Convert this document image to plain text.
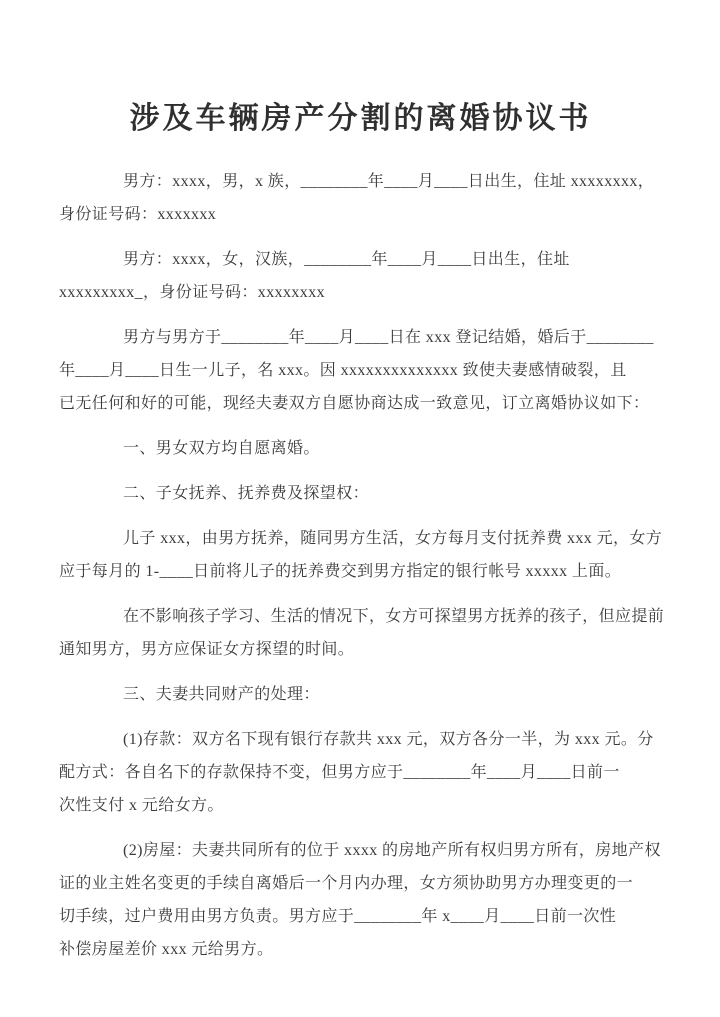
涉及车辆房产分割的离婚协议书
男方：xxxx，男，x 族，________年____月____日出生，住址 xxxxxxxx，
身份证号码：xxxxxxx
男方：xxxx，女，汉族，________年____月____日出生，住址
xxxxxxxxx_，身份证号码：xxxxxxxx
男方与男方于________年____月____日在 xxx 登记结婚，婚后于________
年____月____日生一儿子，名 xxx。因 xxxxxxxxxxxxxx 致使夫妻感情破裂，且
已无任何和好的可能，现经夫妻双方自愿协商达成一致意见，订立离婚协议如下：
一、男女双方均自愿离婚。
二、子女抚养、抚养费及探望权：
儿子 xxx，由男方抚养，随同男方生活，女方每月支付抚养费 xxx 元，女方
应于每月的 1-____日前将儿子的抚养费交到男方指定的银行帐号 xxxxx 上面。
在不影响孩子学习、生活的情况下，女方可探望男方抚养的孩子，但应提前
通知男方，男方应保证女方探望的时间。
三、夫妻共同财产的处理：
(1)存款：双方名下现有银行存款共 xxx 元，双方各分一半，为 xxx 元。分
配方式：各自名下的存款保持不变，但男方应于________年____月____日前一
次性支付 x 元给女方。
(2)房屋：夫妻共同所有的位于 xxxx 的房地产所有权归男方所有，房地产权
证的业主姓名变更的手续自离婚后一个月内办理，女方须协助男方办理变更的一
切手续，过户费用由男方负责。男方应于________年 x____月____日前一次性
补偿房屋差价 xxx 元给男方。
